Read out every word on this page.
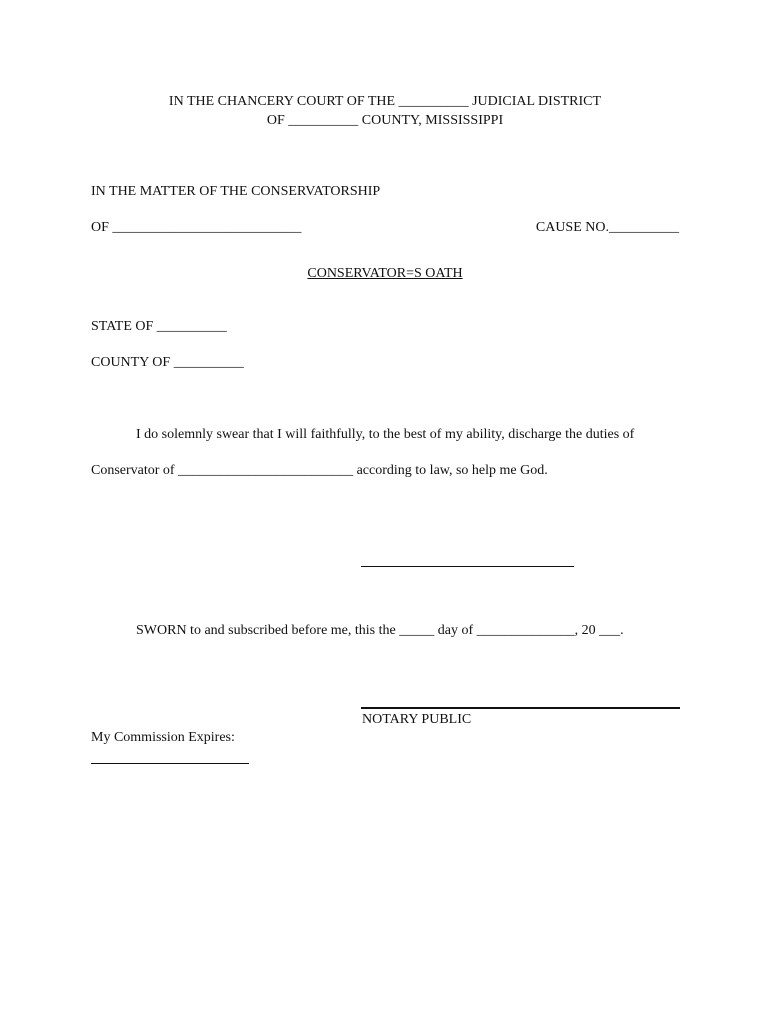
IN THE CHANCERY COURT OF THE __________ JUDICIAL DISTRICT
OF __________ COUNTY, MISSISSIPPI
IN THE MATTER OF THE CONSERVATORSHIP
OF ___________________________	CAUSE NO.__________
CONSERVATOR=S OATH
STATE OF __________
COUNTY OF __________
I do solemnly swear that I will faithfully, to the best of my ability, discharge the duties of
Conservator of _________________________ according to law, so help me God.
SWORN to and subscribed before me, this the _____ day of ______________, 20 ___.
NOTARY PUBLIC
My Commission Expires:
